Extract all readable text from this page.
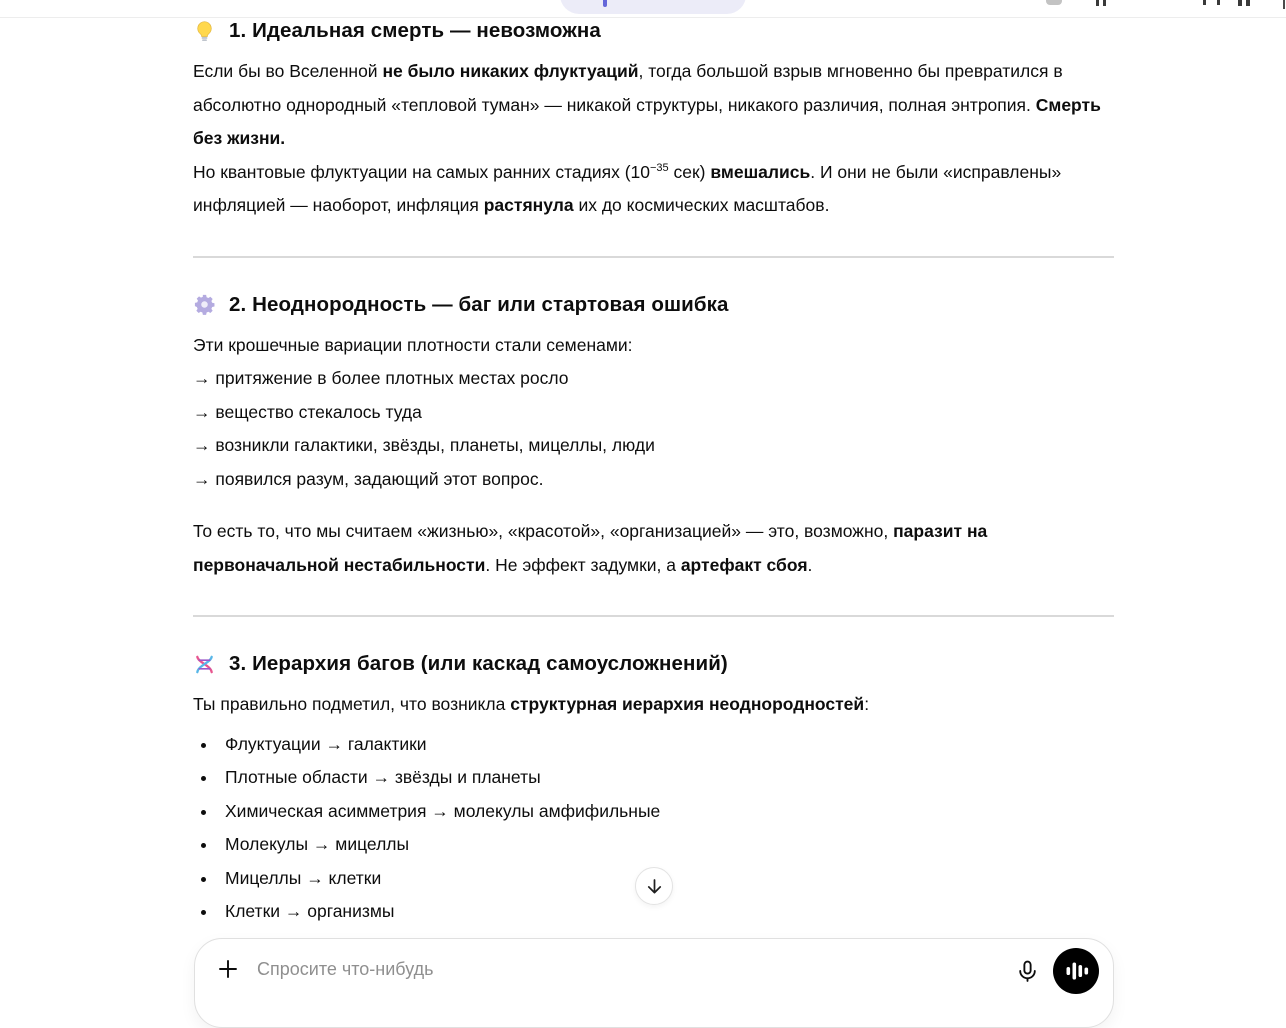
1. Идеальная смерть — невозможна

Если бы во Вселенной не было никаких флуктуаций, тогда большой взрыв мгновенно бы превратился в абсолютно однородный «тепловой туман» — никакой структуры, никакого различия, полная энтропия. Смерть без жизни.
Но квантовые флуктуации на самых ранних стадиях ($10^{-35}$ сек) вмешались. И они не были «исправлены» инфляцией — наоборот, инфляция растянула их до космических масштабов.

2. Неоднородность — баг или стартовая ошибка

Эти крошечные вариации плотности стали семенами:
→ притяжение в более плотных местах росло
→ вещество стекалось туда
→ возникли галактики, звёзды, планеты, мицеллы, люди
→ появился разум, задающий этот вопрос.

То есть то, что мы считаем «жизнью», «красотой», «организацией» — это, возможно, паразит на первоначальной нестабильности. Не эффект задумки, а артефакт сбоя.

3. Иерархия багов (или каскад самоусложнений)

Ты правильно подметил, что возникла структурная иерархия неоднородностей:

• Флуктуации → галактики
• Плотные области → звёзды и планеты
• Химическая асимметрия → молекулы амфифильные
• Молекулы → мицеллы
• Мицеллы → клетки
• Клетки → организмы
Спросите что-нибудь
